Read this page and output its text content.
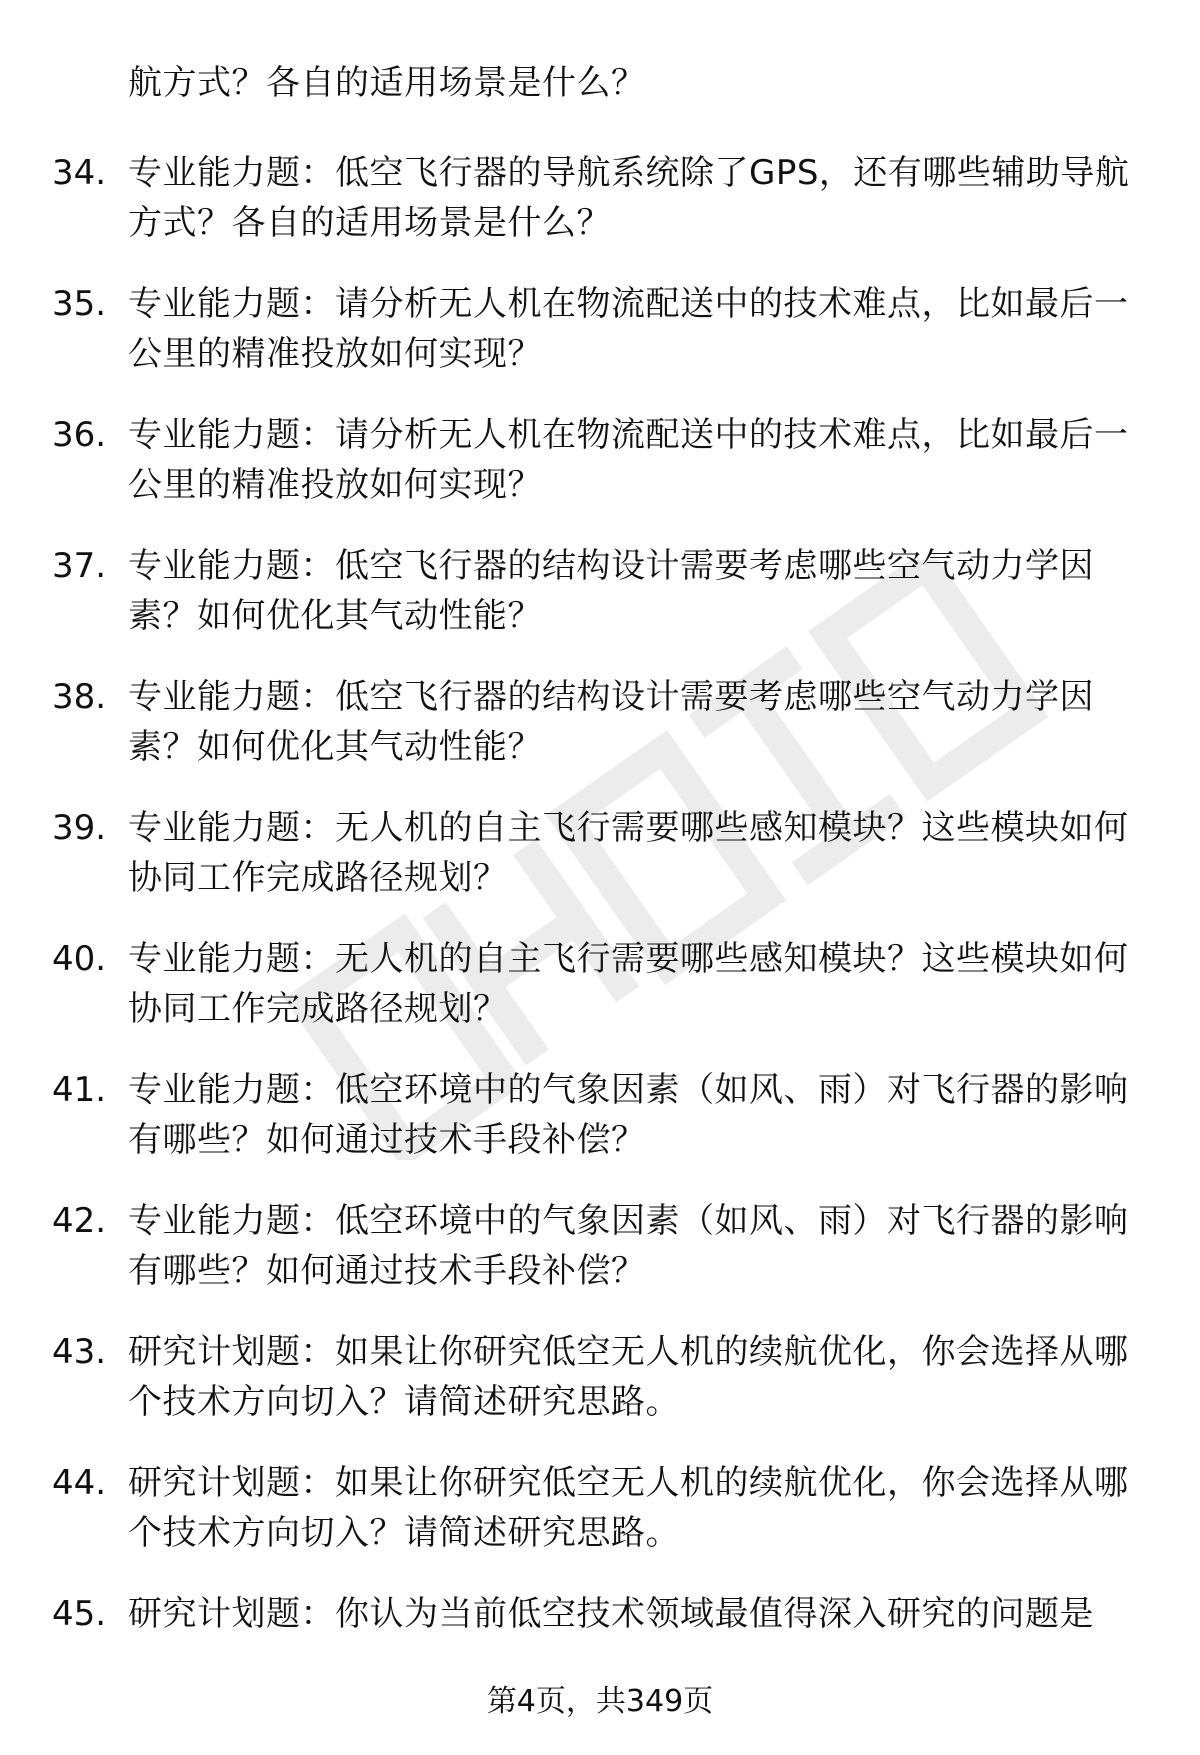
航方式？各自的适用场景是什么？
34. 专业能力题：低空飞行器的导航系统除了GPS，还有哪些辅助导航方式？各自的适用场景是什么？
35. 专业能力题：请分析无人机在物流配送中的技术难点，比如最后一公里的精准投放如何实现？
36. 专业能力题：请分析无人机在物流配送中的技术难点，比如最后一公里的精准投放如何实现？
37. 专业能力题：低空飞行器的结构设计需要考虑哪些空气动力学因素？如何优化其气动性能？
38. 专业能力题：低空飞行器的结构设计需要考虑哪些空气动力学因素？如何优化其气动性能？
39. 专业能力题：无人机的自主飞行需要哪些感知模块？这些模块如何协同工作完成路径规划？
40. 专业能力题：无人机的自主飞行需要哪些感知模块？这些模块如何协同工作完成路径规划？
41. 专业能力题：低空环境中的气象因素（如风、雨）对飞行器的影响有哪些？如何通过技术手段补偿？
42. 专业能力题：低空环境中的气象因素（如风、雨）对飞行器的影响有哪些？如何通过技术手段补偿？
43. 研究计划题：如果让你研究低空无人机的续航优化，你会选择从哪个技术方向切入？请简述研究思路。
44. 研究计划题：如果让你研究低空无人机的续航优化，你会选择从哪个技术方向切入？请简述研究思路。
45. 研究计划题：你认为当前低空技术领域最值得深入研究的问题是
第4页，共349页
